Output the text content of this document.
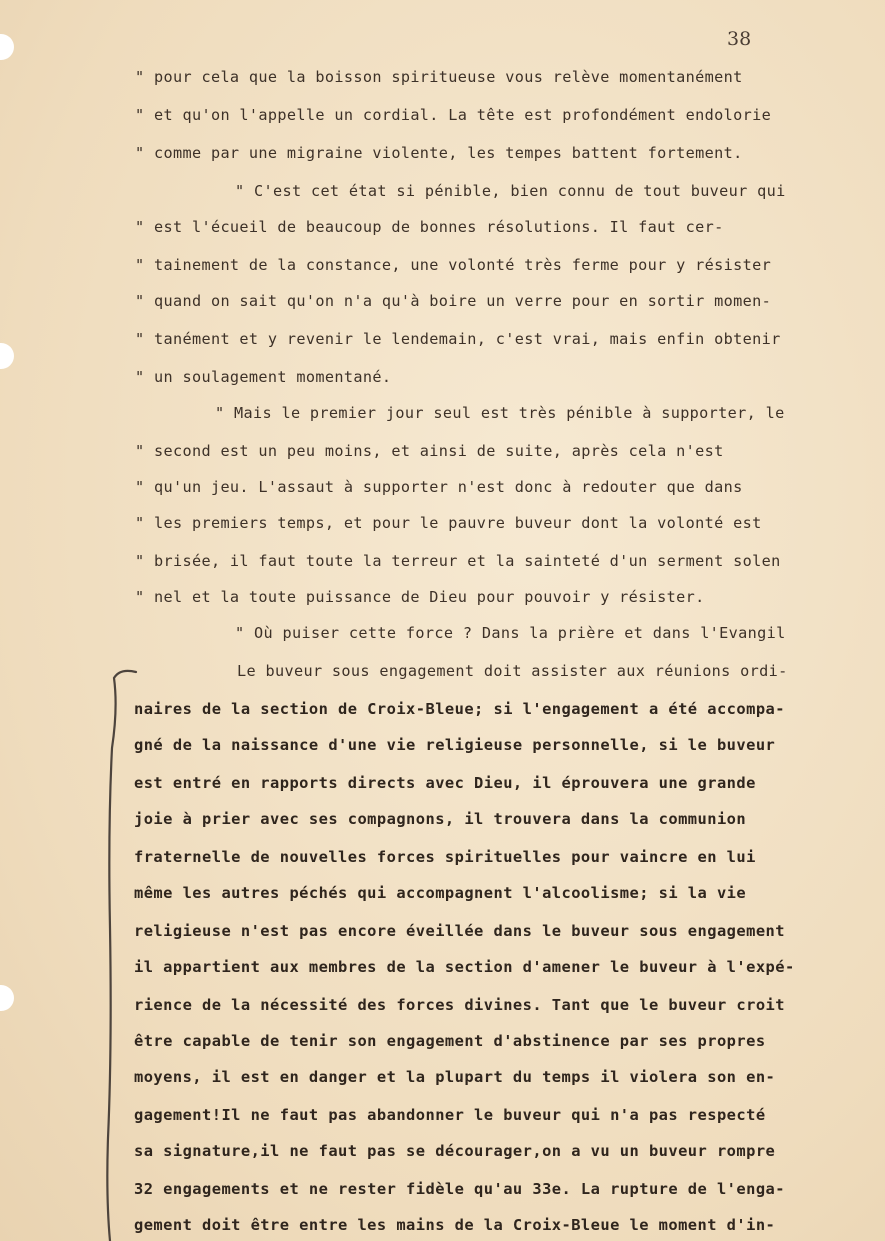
38
" pour cela que la boisson spiritueuse vous relève momentanément
" et qu'on l'appelle un cordial. La tête est profondément endolorie
" comme par une migraine violente, les tempes battent fortement.
" C'est cet état si pénible, bien connu de tout buveur qui
" est l'écueil de beaucoup de bonnes résolutions. Il faut cer-
" tainement de la constance, une volonté très ferme pour y résister
" quand on sait qu'on n'a qu'à boire un verre pour en sortir momen-
" tanément et y revenir le lendemain, c'est vrai, mais enfin obtenir
" un soulagement momentané.
" Mais le premier jour seul est très pénible à supporter, le
" second est un peu moins, et ainsi de suite, après cela n'est
" qu'un jeu. L'assaut à supporter n'est donc à redouter que dans
" les premiers temps, et pour le pauvre buveur dont la volonté est
" brisée, il faut toute la terreur et la sainteté d'un serment solen
" nel et la toute puissance de Dieu pour pouvoir y résister.
" Où puiser cette force ? Dans la prière et dans l'Evangil
Le buveur sous engagement doit assister aux réunions ordi-
naires de la section de Croix-Bleue; si l'engagement a été accompa-
gné de la naissance d'une vie religieuse personnelle, si le buveur
est entré en rapports directs avec Dieu, il éprouvera une grande
joie à prier avec ses compagnons, il trouvera dans la communion
fraternelle de nouvelles forces spirituelles pour vaincre en lui
même les autres péchés qui accompagnent l'alcoolisme; si la vie
religieuse n'est pas encore éveillée dans le buveur sous engagement
il appartient aux membres de la section d'amener le buveur à l'expé-
rience de la nécessité des forces divines. Tant que le buveur croit
être capable de tenir son engagement d'abstinence par ses propres
moyens, il est en danger et la plupart du temps il violera son en-
gagement!Il ne faut pas abandonner le buveur qui n'a pas respecté
sa signature,il ne faut pas se décourager,on a vu un buveur rompre
32 engagements et ne rester fidèle qu'au 33e. La rupture de l'enga-
gement doit être entre les mains de la Croix-Bleue le moment d'in-
